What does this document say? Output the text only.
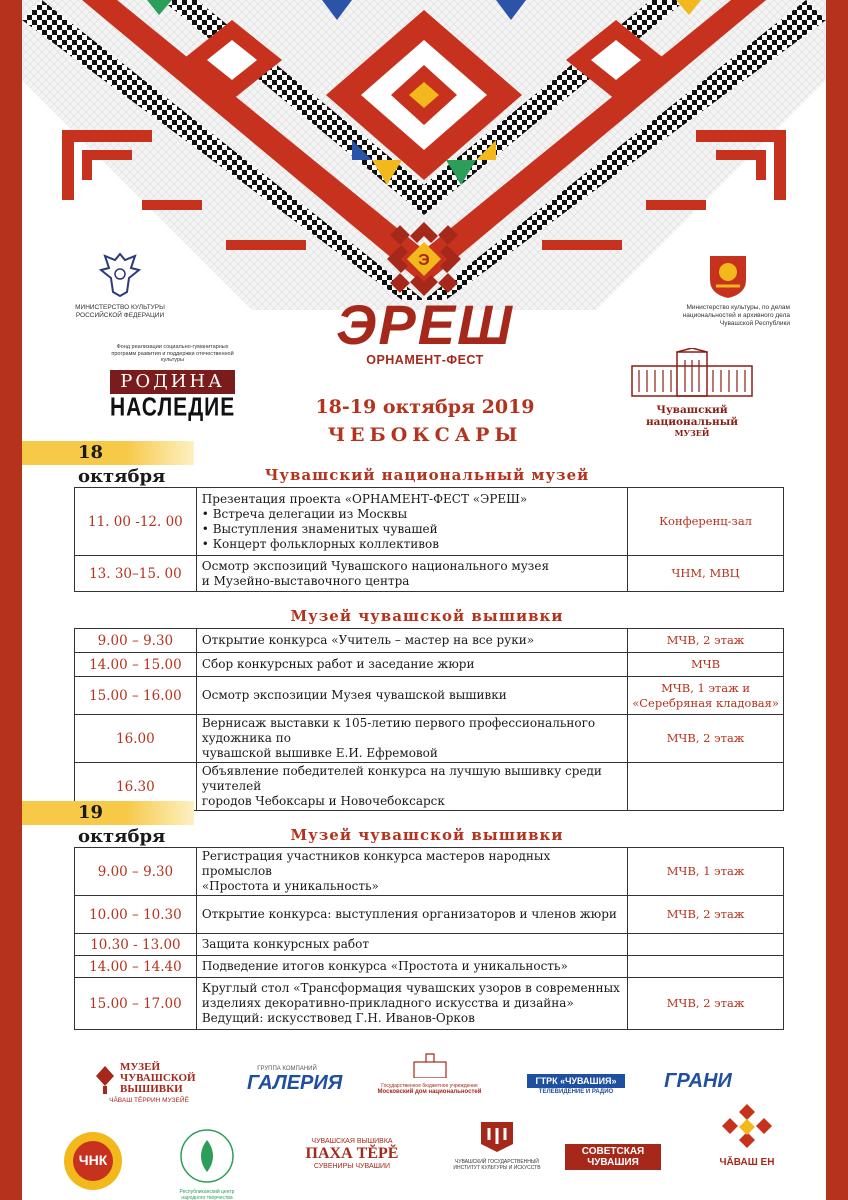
МИНИСТЕРСТВО КУЛЬТУРЫ РОССИЙСКОЙ ФЕДЕРАЦИИ
Министерство культуры, по делам национальностей и архивного дела Чувашской Республики
Фонд реализации социально-гуманитарных программ развития и поддержки отечественной культуры
РОДИНА
НАСЛЕДИЕ
Э
ЭРЕШ
ОРНАМЕНТ-ФЕСТ
Чувашский национальный
МУЗЕЙ
18-19 октября 2019
ЧЕБОКСАРЫ
18 октября	Чувашский национальный музей
11. 00 -12. 00	Презентация проекта «ОРНАМЕНТ-ФЕСТ «ЭРЕШ»
• Встреча делегации из Москвы
• Выступления знаменитых чувашей
• Концерт фольклорных коллективов	Конференц-зал
13. 30–15. 00	Осмотр экспозиций Чувашского национального музея
и Музейно-выставочного центра	ЧНМ, МВЦ
Музей чувашской вышивки
9.00 – 9.30	Открытие конкурса «Учитель – мастер на все руки»	МЧВ, 2 этаж
14.00 – 15.00	Сбор конкурсных работ и заседание жюри	МЧВ
15.00 – 16.00	Осмотр экспозиции Музея чувашской вышивки	МЧВ, 1 этаж и «Серебряная кладовая»
16.00	Вернисаж выставки к 105-летию первого профессионального художника по
чувашской вышивке Е.И. Ефремовой	МЧВ, 2 этаж
16.30	Объявление победителей конкурса на лучшую вышивку среди учителей
городов Чебоксары и Новочебоксарск	

19 октября	Музей чувашской вышивки
9.00 – 9.30	Регистрация участников конкурса мастеров народных промыслов
«Простота и уникальность»	МЧВ, 1 этаж
10.00 – 10.30	Открытие конкурса: выступления организаторов и членов жюри	МЧВ, 2 этаж
10.30 - 13.00	Защита конкурсных работ	

14.00 – 14.40	Подведение итогов конкурса «Простота и уникальность»	

15.00 – 17.00	Круглый стол «Трансформация чувашских узоров в современных
изделиях декоративно-прикладного искусства и дизайна»
Ведущий: искусствовед Г.Н. Иванов-Орков	МЧВ, 2 этаж
МУЗЕЙ ЧУВАШСКОЙ ВЫШИВКИ
ЧĂВАШ ТĔРРИН МУЗЕЙĔ
ГРУППА КОМПАНИЙ
ГАЛЕРИЯ	Государственное бюджетное учреждение
Московский дом национальностей
ГТРК «ЧУВАШИЯ»
ТЕЛЕВИДЕНИЕ И РАДИО	ГРАНИ
ЧĂВАШ ЕН
ЧНК
Республиканский центр народного творчества
ЧУВАШСКАЯ ВЫШИВКА
ПАХА ТĔРĔ
СУВЕНИРЫ ЧУВАШИИ
ЧУВАШСКИЙ ГОСУДАРСТВЕННЫЙ ИНСТИТУТ КУЛЬТУРЫ И ИСКУССТВ
СОВЕТСКАЯ
ЧУВАШИЯ
